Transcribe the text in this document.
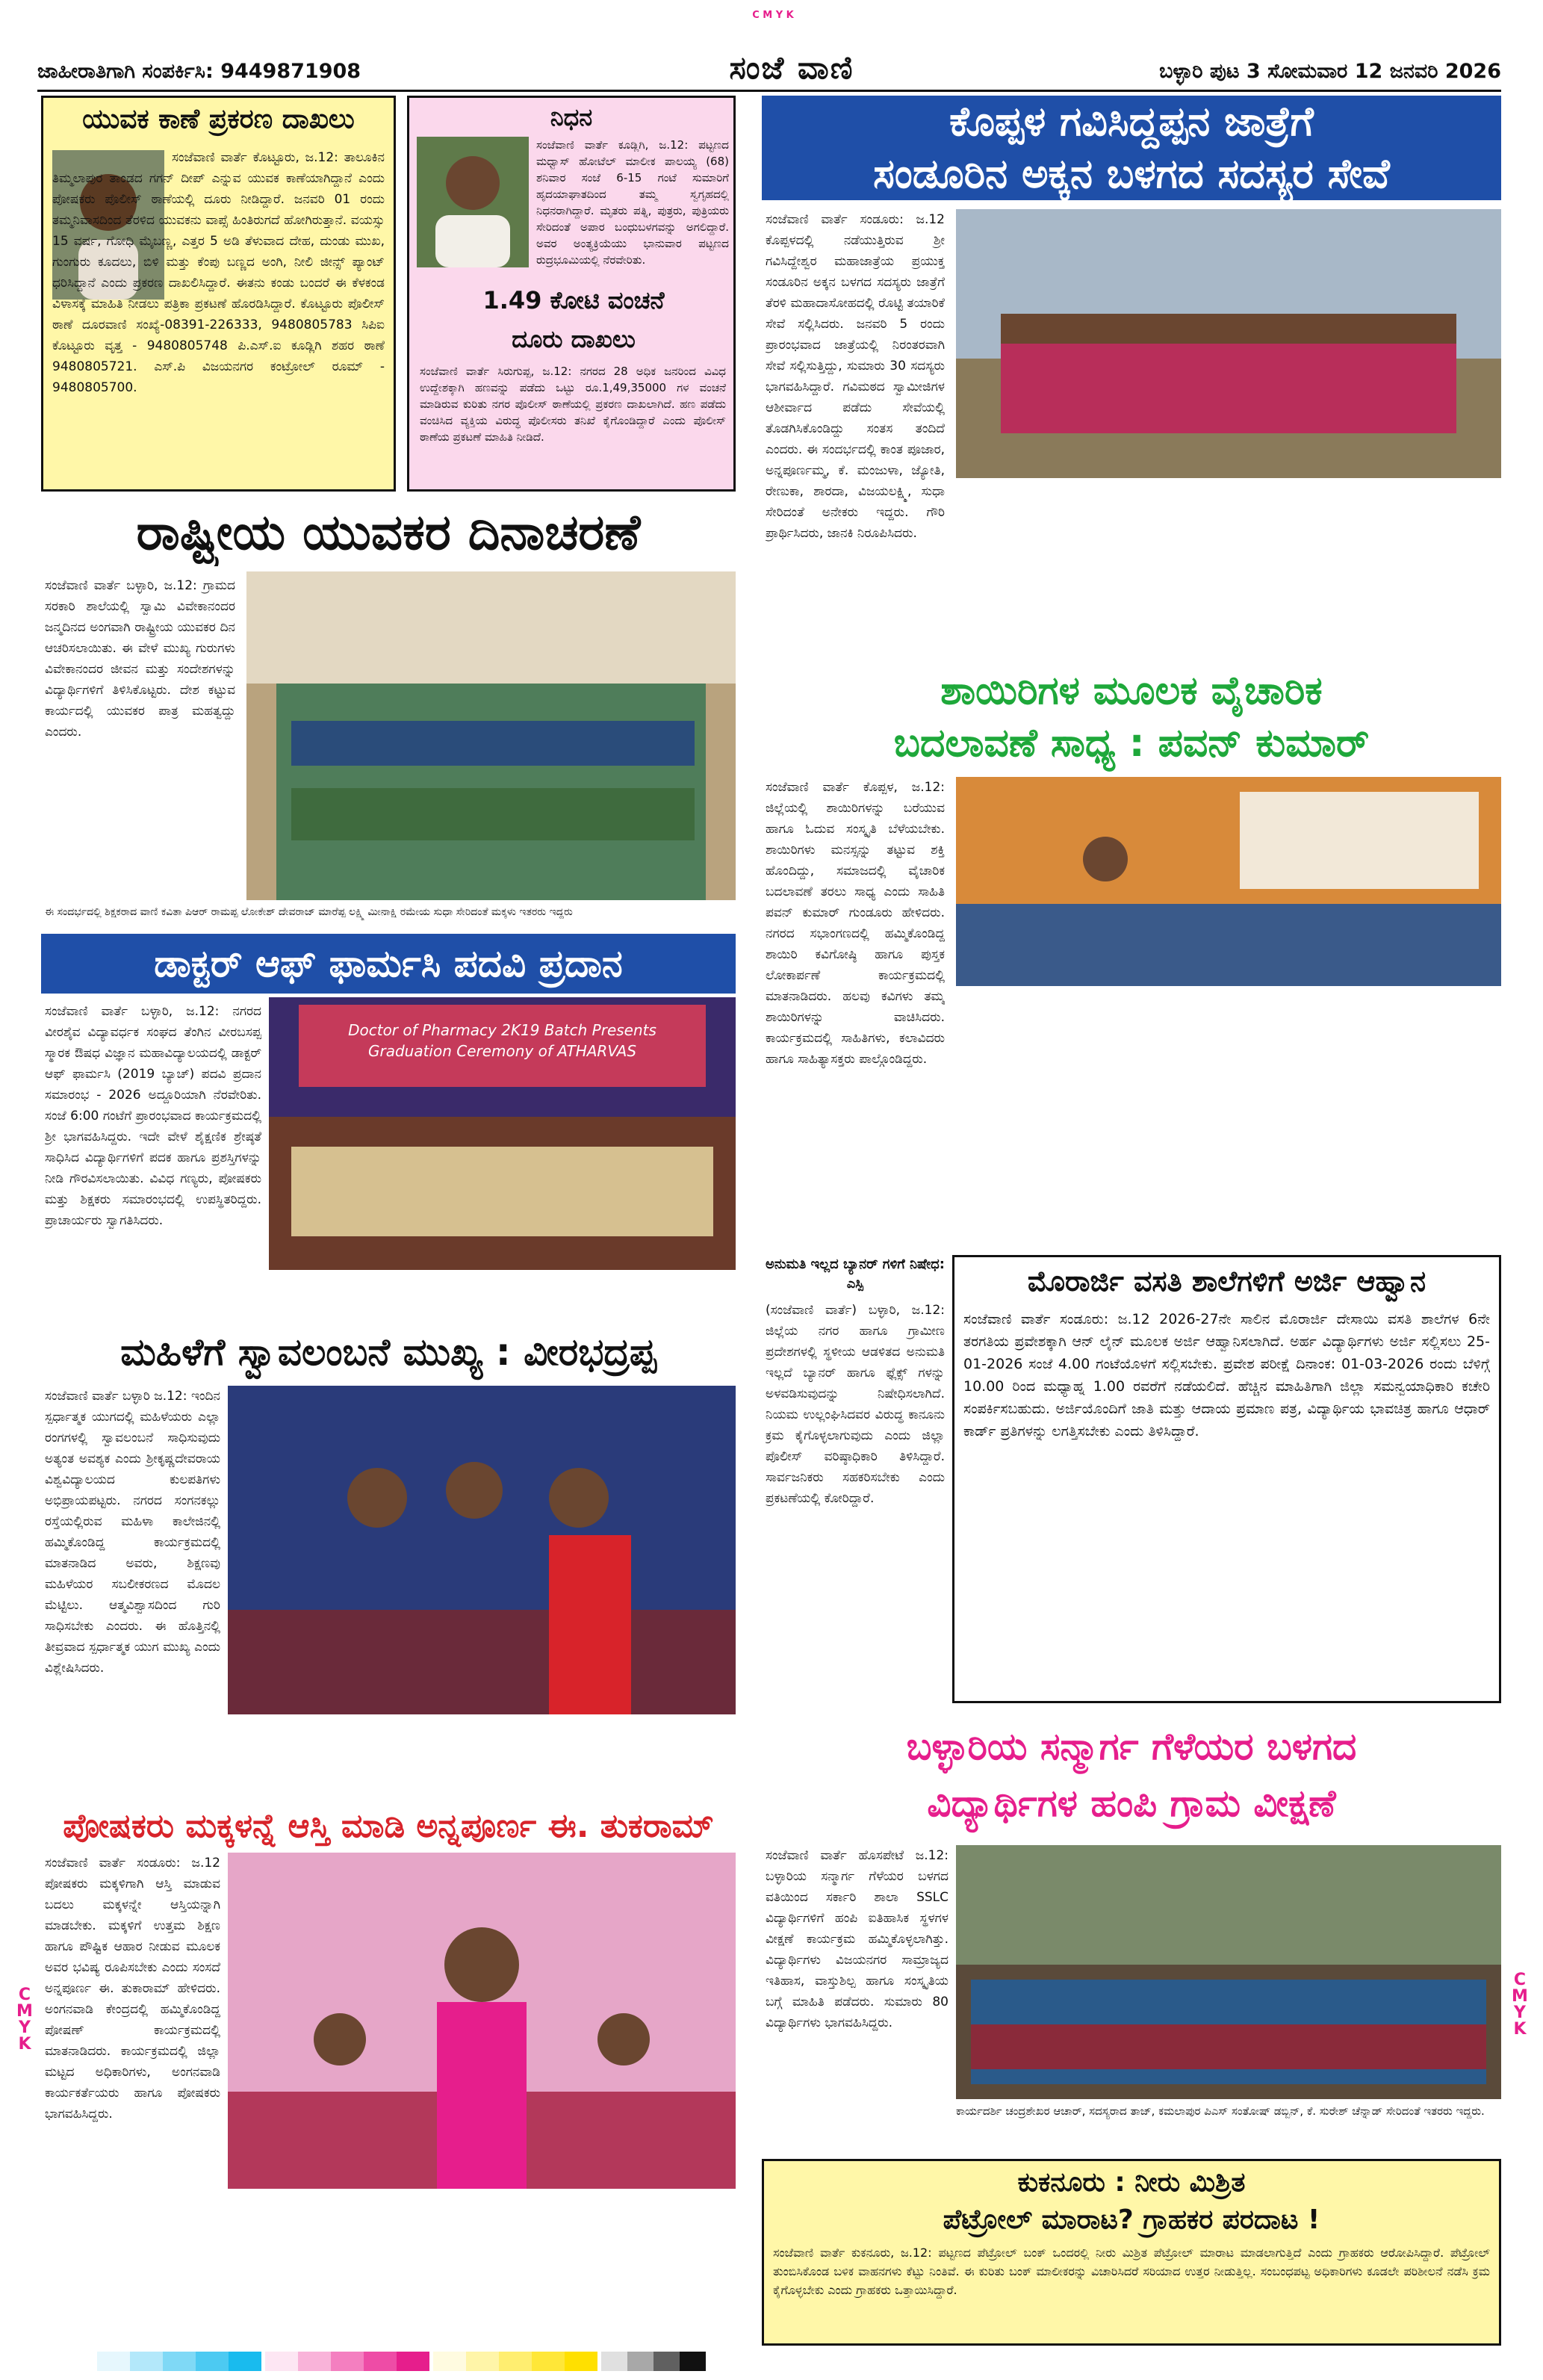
C M Y K
ಜಾಹೀರಾತಿಗಾಗಿ ಸಂಪರ್ಕಿಸಿ: 9449871908	ಸಂಜೆ ವಾಣಿ	ಬಳ್ಳಾರಿ ಪುಟ 3 ಸೋಮವಾರ 12 ಜನವರಿ 2026
ಯುವಕ ಕಾಣೆ ಪ್ರಕರಣ ದಾಖಲು
ಸಂಜೆವಾಣಿ ವಾರ್ತೆ ಕೊಟ್ಟೂರು, ಜ.12: ತಾಲೂಕಿನ ತಿಮ್ಮಲಾಪುರ ತಾಂಡದ ಗಗನ್ ದೀಪ್ ಎನ್ನುವ ಯುವಕ ಕಾಣೆಯಾಗಿದ್ದಾನೆ ಎಂದು ಪೋಷಕರು ಪೊಲೀಸ್ ಠಾಣೆಯಲ್ಲಿ ದೂರು ನೀಡಿದ್ದಾರೆ. ಜನವರಿ 01 ರಂದು ತಮ್ಮನಿವಾಸದಿಂದ ತೆರಳಿದ ಯುವಕನು ವಾಪ್ಸೆ ಹಿಂತಿರುಗದೆ ಹೋಗಿರುತ್ತಾನೆ. ವಯಸ್ಸು 15 ವರ್ಷ, ಗೋಧಿ ಮೈಬಣ್ಣ, ಎತ್ತರ 5 ಅಡಿ ತೆಳುವಾದ ದೇಹ, ದುಂಡು ಮುಖ, ಗುಂಗುರು ಕೂದಲು, ಬಿಳಿ ಮತ್ತು ಕೆಂಪು ಬಣ್ಣದ ಅಂಗಿ, ನೀಲಿ ಜೀನ್ಸ್ ಪ್ಯಾಂಟ್ ಧರಿಸಿದ್ದಾನೆ ಎಂದು ಪ್ರಕರಣ ದಾಖಲಿಸಿದ್ದಾರೆ. ಈತನು ಕಂಡು ಬಂದರೆ ಈ ಕೆಳಕಂಡ ವಿಳಾಸಕ್ಕೆ ಮಾಹಿತಿ ನೀಡಲು ಪತ್ರಿಕಾ ಪ್ರಕಟಣೆ ಹೊರಡಿಸಿದ್ದಾರೆ. ಕೊಟ್ಟೂರು ಪೊಲೀಸ್ ಠಾಣೆ ದೂರವಾಣಿ ಸಂಖ್ಯೆ-08391-226333, 9480805783 ಸಿಪಿಐ ಕೊಟ್ಟೂರು ವೃತ್ತ - 9480805748 ಪಿ.ಎಸ್.ಐ ಕೂಡ್ಲಿಗಿ ಶಹರ ಠಾಣೆ 9480805721. ಎಸ್.ಪಿ ವಿಜಯನಗರ ಕಂಟ್ರೋಲ್ ರೂಮ್ - 9480805700.
ನಿಧನ
ಸಂಜೆವಾಣಿ ವಾರ್ತೆ ಕೂಡ್ಲಿಗಿ, ಜ.12: ಪಟ್ಟಣದ ಮಧ್ವಾಸ್ ಹೋಟೆಲ್ ಮಾಲೀಕ ಪಾಲಯ್ಯ (68) ಶನಿವಾರ ಸಂಜೆ 6-15 ಗಂಟೆ ಸುಮಾರಿಗೆ ಹೃದಯಾಘಾತದಿಂದ ತಮ್ಮ ಸ್ವಗೃಹದಲ್ಲಿ ನಿಧನರಾಗಿದ್ದಾರೆ. ಮೃತರು ಪತ್ನಿ, ಪುತ್ರರು, ಪುತ್ರಿಯರು ಸೇರಿದಂತೆ ಅಪಾರ ಬಂಧುಬಳಗವನ್ನು ಅಗಲಿದ್ದಾರೆ. ಅವರ ಅಂತ್ಯಕ್ರಿಯೆಯು ಭಾನುವಾರ ಪಟ್ಟಣದ ರುದ್ರಭೂಮಿಯಲ್ಲಿ ನೆರವೇರಿತು.
1.49 ಕೋಟಿ ವಂಚನೆ ದೂರು ದಾಖಲು
ಸಂಜೆವಾಣಿ ವಾರ್ತೆ ಸಿರುಗುಪ್ಪ, ಜ.12: ನಗರದ 28 ಅಧಿಕ ಜನರಿಂದ ವಿವಿಧ ಉದ್ದೇಶಕ್ಕಾಗಿ ಹಣವನ್ನು ಪಡೆದು ಒಟ್ಟು ರೂ.1,49,35000 ಗಳ ವಂಚನೆ ಮಾಡಿರುವ ಕುರಿತು ನಗರ ಪೊಲೀಸ್ ಠಾಣೆಯಲ್ಲಿ ಪ್ರಕರಣ ದಾಖಲಾಗಿದೆ. ಹಣ ಪಡೆದು ವಂಚಿಸಿದ ವ್ಯಕ್ತಿಯ ವಿರುದ್ಧ ಪೊಲೀಸರು ತನಿಖೆ ಕೈಗೊಂಡಿದ್ದಾರೆ ಎಂದು ಪೊಲೀಸ್ ಠಾಣೆಯ ಪ್ರಕಟಣೆ ಮಾಹಿತಿ ನೀಡಿದೆ.
ರಾಷ್ಟ್ರೀಯ ಯುವಕರ ದಿನಾಚರಣೆ
ಸಂಜೆವಾಣಿ ವಾರ್ತೆ ಬಳ್ಳಾರಿ, ಜ.12: ಗ್ರಾಮದ ಸರಕಾರಿ ಶಾಲೆಯಲ್ಲಿ ಸ್ವಾಮಿ ವಿವೇಕಾನಂದರ ಜನ್ಮದಿನದ ಅಂಗವಾಗಿ ರಾಷ್ಟ್ರೀಯ ಯುವಕರ ದಿನ ಆಚರಿಸಲಾಯಿತು. ಈ ವೇಳೆ ಮುಖ್ಯ ಗುರುಗಳು ವಿವೇಕಾನಂದರ ಜೀವನ ಮತ್ತು ಸಂದೇಶಗಳನ್ನು ವಿದ್ಯಾರ್ಥಿಗಳಿಗೆ ತಿಳಿಸಿಕೊಟ್ಟರು. ದೇಶ ಕಟ್ಟುವ ಕಾರ್ಯದಲ್ಲಿ ಯುವಕರ ಪಾತ್ರ ಮಹತ್ವದ್ದು ಎಂದರು.
ಈ ಸಂದರ್ಭದಲ್ಲಿ ಶಿಕ್ಷಕರಾದ ವಾಣಿ ಕವಿತಾ ಪಿಆರ್ ರಾಮಪ್ಪ ಲೋಕೇಶ್ ದೇವರಾಜ್ ಮಾರೆಪ್ಪ ಲಕ್ಷ್ಮಿ ಮೀನಾಕ್ಷಿ ರಮೇಯ ಸುಧಾ ಸೇರಿದಂತೆ ಮಕ್ಕಳು ಇತರರು ಇದ್ದರು
ಡಾಕ್ಟರ್ ಆಫ್ ಫಾರ್ಮಸಿ ಪದವಿ ಪ್ರದಾನ
ಸಂಜೆವಾಣಿ ವಾರ್ತೆ ಬಳ್ಳಾರಿ, ಜ.12: ನಗರದ ವೀರಶೈವ ವಿದ್ಯಾವರ್ಧಕ ಸಂಘದ ತೆಂಗಿನ ವೀರಬಸಪ್ಪ ಸ್ಮಾರಕ ಔಷಧ ವಿಜ್ಞಾನ ಮಹಾವಿದ್ಯಾಲಯದಲ್ಲಿ ಡಾಕ್ಟರ್ ಆಫ್ ಫಾರ್ಮಸಿ (2019 ಬ್ಯಾಚ್) ಪದವಿ ಪ್ರದಾನ ಸಮಾರಂಭ - 2026 ಅದ್ದೂರಿಯಾಗಿ ನೆರವೇರಿತು. ಸಂಜೆ 6:00 ಗಂಟೆಗೆ ಪ್ರಾರಂಭವಾದ ಕಾರ್ಯಕ್ರಮದಲ್ಲಿ ಶ್ರೀ ಭಾಗವಹಿಸಿದ್ದರು. ಇದೇ ವೇಳೆ ಶೈಕ್ಷಣಿಕ ಶ್ರೇಷ್ಠತೆ ಸಾಧಿಸಿದ ವಿದ್ಯಾರ್ಥಿಗಳಿಗೆ ಪದಕ ಹಾಗೂ ಪ್ರಶಸ್ತಿಗಳನ್ನು ನೀಡಿ ಗೌರವಿಸಲಾಯಿತು. ವಿವಿಧ ಗಣ್ಯರು, ಪೋಷಕರು ಮತ್ತು ಶಿಕ್ಷಕರು ಸಮಾರಂಭದಲ್ಲಿ ಉಪಸ್ಥಿತರಿದ್ದರು. ಪ್ರಾಚಾರ್ಯರು ಸ್ವಾಗತಿಸಿದರು.
Doctor of Pharmacy 2K19 Batch Presents Graduation Ceremony of ATHARVAS
ಮಹಿಳೆಗೆ ಸ್ವಾವಲಂಬನೆ ಮುಖ್ಯ : ವೀರಭದ್ರಪ್ಪ
ಸಂಜೆವಾಣಿ ವಾರ್ತೆ ಬಳ್ಳಾರಿ ಜ.12: ಇಂದಿನ ಸ್ಪರ್ಧಾತ್ಮಕ ಯುಗದಲ್ಲಿ ಮಹಿಳೆಯರು ಎಲ್ಲಾ ರಂಗಗಳಲ್ಲಿ ಸ್ವಾವಲಂಬನೆ ಸಾಧಿಸುವುದು ಅತ್ಯಂತ ಅವಶ್ಯಕ ಎಂದು ಶ್ರೀಕೃಷ್ಣದೇವರಾಯ ವಿಶ್ವವಿದ್ಯಾಲಯದ ಕುಲಪತಿಗಳು ಅಭಿಪ್ರಾಯಪಟ್ಟರು. ನಗರದ ಸಂಗನಕಲ್ಲು ರಸ್ತೆಯಲ್ಲಿರುವ ಮಹಿಳಾ ಕಾಲೇಜಿನಲ್ಲಿ ಹಮ್ಮಿಕೊಂಡಿದ್ದ ಕಾರ್ಯಕ್ರಮದಲ್ಲಿ ಮಾತನಾಡಿದ ಅವರು, ಶಿಕ್ಷಣವು ಮಹಿಳೆಯರ ಸಬಲೀಕರಣದ ಮೊದಲ ಮೆಟ್ಟಿಲು. ಆತ್ಮವಿಶ್ವಾಸದಿಂದ ಗುರಿ ಸಾಧಿಸಬೇಕು ಎಂದರು. ಈ ಹೊತ್ತಿನಲ್ಲಿ ತೀವ್ರವಾದ ಸ್ಪರ್ಧಾತ್ಮಕ ಯುಗ ಮುಖ್ಯ ಎಂದು ವಿಶ್ಲೇಷಿಸಿದರು.
ಪೋಷಕರು ಮಕ್ಕಳನ್ನೆ ಆಸ್ತಿ ಮಾಡಿ ಅನ್ನಪೂರ್ಣ ಈ. ತುಕರಾಮ್
ಸಂಜೆವಾಣಿ ವಾರ್ತೆ ಸಂಡೂರು: ಜ.12 ಪೋಷಕರು ಮಕ್ಕಳಿಗಾಗಿ ಆಸ್ತಿ ಮಾಡುವ ಬದಲು ಮಕ್ಕಳನ್ನೇ ಆಸ್ತಿಯನ್ನಾಗಿ ಮಾಡಬೇಕು. ಮಕ್ಕಳಿಗೆ ಉತ್ತಮ ಶಿಕ್ಷಣ ಹಾಗೂ ಪೌಷ್ಟಿಕ ಆಹಾರ ನೀಡುವ ಮೂಲಕ ಅವರ ಭವಿಷ್ಯ ರೂಪಿಸಬೇಕು ಎಂದು ಸಂಸದೆ ಅನ್ನಪೂರ್ಣ ಈ. ತುಕಾರಾಮ್ ಹೇಳಿದರು. ಅಂಗನವಾಡಿ ಕೇಂದ್ರದಲ್ಲಿ ಹಮ್ಮಿಕೊಂಡಿದ್ದ ಪೋಷಣ್ ಕಾರ್ಯಕ್ರಮದಲ್ಲಿ ಮಾತನಾಡಿದರು. ಕಾರ್ಯಕ್ರಮದಲ್ಲಿ ಜಿಲ್ಲಾ ಮಟ್ಟದ ಅಧಿಕಾರಿಗಳು, ಅಂಗನವಾಡಿ ಕಾರ್ಯಕರ್ತೆಯರು ಹಾಗೂ ಪೋಷಕರು ಭಾಗವಹಿಸಿದ್ದರು.
ಕೊಪ್ಪಳ ಗವಿಸಿದ್ದಪ್ಪನ ಜಾತ್ರೆಗೆ
ಸಂಡೂರಿನ ಅಕ್ಕನ ಬಳಗದ ಸದಸ್ಯರ ಸೇವೆ
ಸಂಜೆವಾಣಿ ವಾರ್ತೆ ಸಂಡೂರು: ಜ.12 ಕೊಪ್ಪಳದಲ್ಲಿ ನಡೆಯುತ್ತಿರುವ ಶ್ರೀ ಗವಿಸಿದ್ದೇಶ್ವರ ಮಹಾಜಾತ್ರೆಯ ಪ್ರಯುಕ್ತ ಸಂಡೂರಿನ ಅಕ್ಕನ ಬಳಗದ ಸದಸ್ಯರು ಜಾತ್ರೆಗೆ ತೆರಳಿ ಮಹಾದಾಸೋಹದಲ್ಲಿ ರೊಟ್ಟಿ ತಯಾರಿಕೆ ಸೇವೆ ಸಲ್ಲಿಸಿದರು. ಜನವರಿ 5 ರಂದು ಪ್ರಾರಂಭವಾದ ಜಾತ್ರೆಯಲ್ಲಿ ನಿರಂತರವಾಗಿ ಸೇವೆ ಸಲ್ಲಿಸುತ್ತಿದ್ದು, ಸುಮಾರು 30 ಸದಸ್ಯರು ಭಾಗವಹಿಸಿದ್ದಾರೆ. ಗವಿಮಠದ ಸ್ವಾಮೀಜಿಗಳ ಆಶೀರ್ವಾದ ಪಡೆದು ಸೇವೆಯಲ್ಲಿ ತೊಡಗಿಸಿಕೊಂಡಿದ್ದು ಸಂತಸ ತಂದಿದೆ ಎಂದರು. ಈ ಸಂದರ್ಭದಲ್ಲಿ ಕಾಂತ ಪೂಜಾರ, ಅನ್ನಪೂರ್ಣಮ್ಮ, ಕೆ. ಮಂಜುಳಾ, ಜ್ಯೋತಿ, ರೇಣುಕಾ, ಶಾರದಾ, ವಿಜಯಲಕ್ಷ್ಮಿ, ಸುಧಾ ಸೇರಿದಂತೆ ಅನೇಕರು ಇದ್ದರು. ಗೌರಿ ಪ್ರಾರ್ಥಿಸಿದರು, ಜಾನಕಿ ನಿರೂಪಿಸಿದರು.
ಶಾಯಿರಿಗಳ ಮೂಲಕ ವೈಚಾರಿಕ
ಬದಲಾವಣೆ ಸಾಧ್ಯ : ಪವನ್ ಕುಮಾರ್
ಸಂಜೆವಾಣಿ ವಾರ್ತೆ ಕೊಪ್ಪಳ, ಜ.12: ಜಿಲ್ಲೆಯಲ್ಲಿ ಶಾಯಿರಿಗಳನ್ನು ಬರೆಯುವ ಹಾಗೂ ಓದುವ ಸಂಸ್ಕೃತಿ ಬೆಳೆಯಬೇಕು. ಶಾಯಿರಿಗಳು ಮನಸ್ಸನ್ನು ತಟ್ಟುವ ಶಕ್ತಿ ಹೊಂದಿದ್ದು, ಸಮಾಜದಲ್ಲಿ ವೈಚಾರಿಕ ಬದಲಾವಣೆ ತರಲು ಸಾಧ್ಯ ಎಂದು ಸಾಹಿತಿ ಪವನ್ ಕುಮಾರ್ ಗುಂಡೂರು ಹೇಳಿದರು. ನಗರದ ಸಭಾಂಗಣದಲ್ಲಿ ಹಮ್ಮಿಕೊಂಡಿದ್ದ ಶಾಯಿರಿ ಕವಿಗೋಷ್ಠಿ ಹಾಗೂ ಪುಸ್ತಕ ಲೋಕಾರ್ಪಣೆ ಕಾರ್ಯಕ್ರಮದಲ್ಲಿ ಮಾತನಾಡಿದರು. ಹಲವು ಕವಿಗಳು ತಮ್ಮ ಶಾಯಿರಿಗಳನ್ನು ವಾಚಿಸಿದರು. ಕಾರ್ಯಕ್ರಮದಲ್ಲಿ ಸಾಹಿತಿಗಳು, ಕಲಾವಿದರು ಹಾಗೂ ಸಾಹಿತ್ಯಾಸಕ್ತರು ಪಾಲ್ಗೊಂಡಿದ್ದರು.
ಅನುಮತಿ ಇಲ್ಲದ ಬ್ಯಾನರ್ ಗಳಿಗೆ ನಿಷೇಧ: ಎಸ್ಪಿ
(ಸಂಜೆವಾಣಿ ವಾರ್ತೆ) ಬಳ್ಳಾರಿ, ಜ.12: ಜಿಲ್ಲೆಯ ನಗರ ಹಾಗೂ ಗ್ರಾಮೀಣ ಪ್ರದೇಶಗಳಲ್ಲಿ ಸ್ಥಳೀಯ ಆಡಳಿತದ ಅನುಮತಿ ಇಲ್ಲದೆ ಬ್ಯಾನರ್ ಹಾಗೂ ಫ್ಲೆಕ್ಸ್ ಗಳನ್ನು ಅಳವಡಿಸುವುದನ್ನು ನಿಷೇಧಿಸಲಾಗಿದೆ. ನಿಯಮ ಉಲ್ಲಂಘಿಸಿದವರ ವಿರುದ್ಧ ಕಾನೂನು ಕ್ರಮ ಕೈಗೊಳ್ಳಲಾಗುವುದು ಎಂದು ಜಿಲ್ಲಾ ಪೊಲೀಸ್ ವರಿಷ್ಠಾಧಿಕಾರಿ ತಿಳಿಸಿದ್ದಾರೆ. ಸಾರ್ವಜನಿಕರು ಸಹಕರಿಸಬೇಕು ಎಂದು ಪ್ರಕಟಣೆಯಲ್ಲಿ ಕೋರಿದ್ದಾರೆ.
ಮೊರಾರ್ಜಿ ವಸತಿ ಶಾಲೆಗಳಿಗೆ ಅರ್ಜಿ ಆಹ್ವಾನ
ಸಂಜೆವಾಣಿ ವಾರ್ತೆ ಸಂಡೂರು: ಜ.12 2026-27ನೇ ಸಾಲಿನ ಮೊರಾರ್ಜಿ ದೇಸಾಯಿ ವಸತಿ ಶಾಲೆಗಳ 6ನೇ ತರಗತಿಯ ಪ್ರವೇಶಕ್ಕಾಗಿ ಆನ್ ಲೈನ್ ಮೂಲಕ ಅರ್ಜಿ ಆಹ್ವಾನಿಸಲಾಗಿದೆ. ಅರ್ಹ ವಿದ್ಯಾರ್ಥಿಗಳು ಅರ್ಜಿ ಸಲ್ಲಿಸಲು 25-01-2026 ಸಂಜೆ 4.00 ಗಂಟೆಯೊಳಗೆ ಸಲ್ಲಿಸಬೇಕು. ಪ್ರವೇಶ ಪರೀಕ್ಷೆ ದಿನಾಂಕ: 01-03-2026 ರಂದು ಬೆಳಿಗ್ಗೆ 10.00 ರಿಂದ ಮಧ್ಯಾಹ್ನ 1.00 ರವರೆಗೆ ನಡೆಯಲಿದೆ. ಹೆಚ್ಚಿನ ಮಾಹಿತಿಗಾಗಿ ಜಿಲ್ಲಾ ಸಮನ್ವಯಾಧಿಕಾರಿ ಕಚೇರಿ ಸಂಪರ್ಕಿಸಬಹುದು. ಅರ್ಜಿಯೊಂದಿಗೆ ಜಾತಿ ಮತ್ತು ಆದಾಯ ಪ್ರಮಾಣ ಪತ್ರ, ವಿದ್ಯಾರ್ಥಿಯ ಭಾವಚಿತ್ರ ಹಾಗೂ ಆಧಾರ್ ಕಾರ್ಡ್ ಪ್ರತಿಗಳನ್ನು ಲಗತ್ತಿಸಬೇಕು ಎಂದು ತಿಳಿಸಿದ್ದಾರೆ.
ಬಳ್ಳಾರಿಯ ಸನ್ಮಾರ್ಗ ಗೆಳೆಯರ ಬಳಗದ
ವಿದ್ಯಾರ್ಥಿಗಳ ಹಂಪಿ ಗ್ರಾಮ ವೀಕ್ಷಣೆ
ಸಂಜೆವಾಣಿ ವಾರ್ತೆ ಹೊಸಪೇಟೆ ಜ.12: ಬಳ್ಳಾರಿಯ ಸನ್ಮಾರ್ಗ ಗೆಳೆಯರ ಬಳಗದ ವತಿಯಿಂದ ಸರ್ಕಾರಿ ಶಾಲಾ SSLC ವಿದ್ಯಾರ್ಥಿಗಳಿಗೆ ಹಂಪಿ ಐತಿಹಾಸಿಕ ಸ್ಥಳಗಳ ವೀಕ್ಷಣೆ ಕಾರ್ಯಕ್ರಮ ಹಮ್ಮಿಕೊಳ್ಳಲಾಗಿತ್ತು. ವಿದ್ಯಾರ್ಥಿಗಳು ವಿಜಯನಗರ ಸಾಮ್ರಾಜ್ಯದ ಇತಿಹಾಸ, ವಾಸ್ತುಶಿಲ್ಪ ಹಾಗೂ ಸಂಸ್ಕೃತಿಯ ಬಗ್ಗೆ ಮಾಹಿತಿ ಪಡೆದರು. ಸುಮಾರು 80 ವಿದ್ಯಾರ್ಥಿಗಳು ಭಾಗವಹಿಸಿದ್ದರು.
ಕಾರ್ಯದರ್ಶಿ ಚಂದ್ರಶೇಖರ ಆಚಾರ್, ಸದಸ್ಯರಾದ ತಾಜ್, ಕಮಲಾಪುರ ಪಿಎಸ್ ಸಂತೋಷ್ ಡಬ್ಬಿನ್, ಕೆ. ಸುರೇಶ್ ಚೆನ್ನಾಡ್ ಸೇರಿದಂತೆ ಇತರರು ಇದ್ದರು.
ಕುಕನೂರು : ನೀರು ಮಿಶ್ರಿತ
ಪೆಟ್ರೋಲ್ ಮಾರಾಟ? ಗ್ರಾಹಕರ ಪರದಾಟ !
ಸಂಜೆವಾಣಿ ವಾರ್ತೆ ಕುಕನೂರು, ಜ.12: ಪಟ್ಟಣದ ಪೆಟ್ರೋಲ್ ಬಂಕ್ ಒಂದರಲ್ಲಿ ನೀರು ಮಿಶ್ರಿತ ಪೆಟ್ರೋಲ್ ಮಾರಾಟ ಮಾಡಲಾಗುತ್ತಿದೆ ಎಂದು ಗ್ರಾಹಕರು ಆರೋಪಿಸಿದ್ದಾರೆ. ಪೆಟ್ರೋಲ್ ತುಂಬಿಸಿಕೊಂಡ ಬಳಿಕ ವಾಹನಗಳು ಕೆಟ್ಟು ನಿಂತಿವೆ. ಈ ಕುರಿತು ಬಂಕ್ ಮಾಲೀಕರನ್ನು ವಿಚಾರಿಸಿದರೆ ಸರಿಯಾದ ಉತ್ತರ ನೀಡುತ್ತಿಲ್ಲ. ಸಂಬಂಧಪಟ್ಟ ಅಧಿಕಾರಿಗಳು ಕೂಡಲೇ ಪರಿಶೀಲನೆ ನಡೆಸಿ ಕ್ರಮ ಕೈಗೊಳ್ಳಬೇಕು ಎಂದು ಗ್ರಾಹಕರು ಒತ್ತಾಯಿಸಿದ್ದಾರೆ.
C M Y K
C M Y K
